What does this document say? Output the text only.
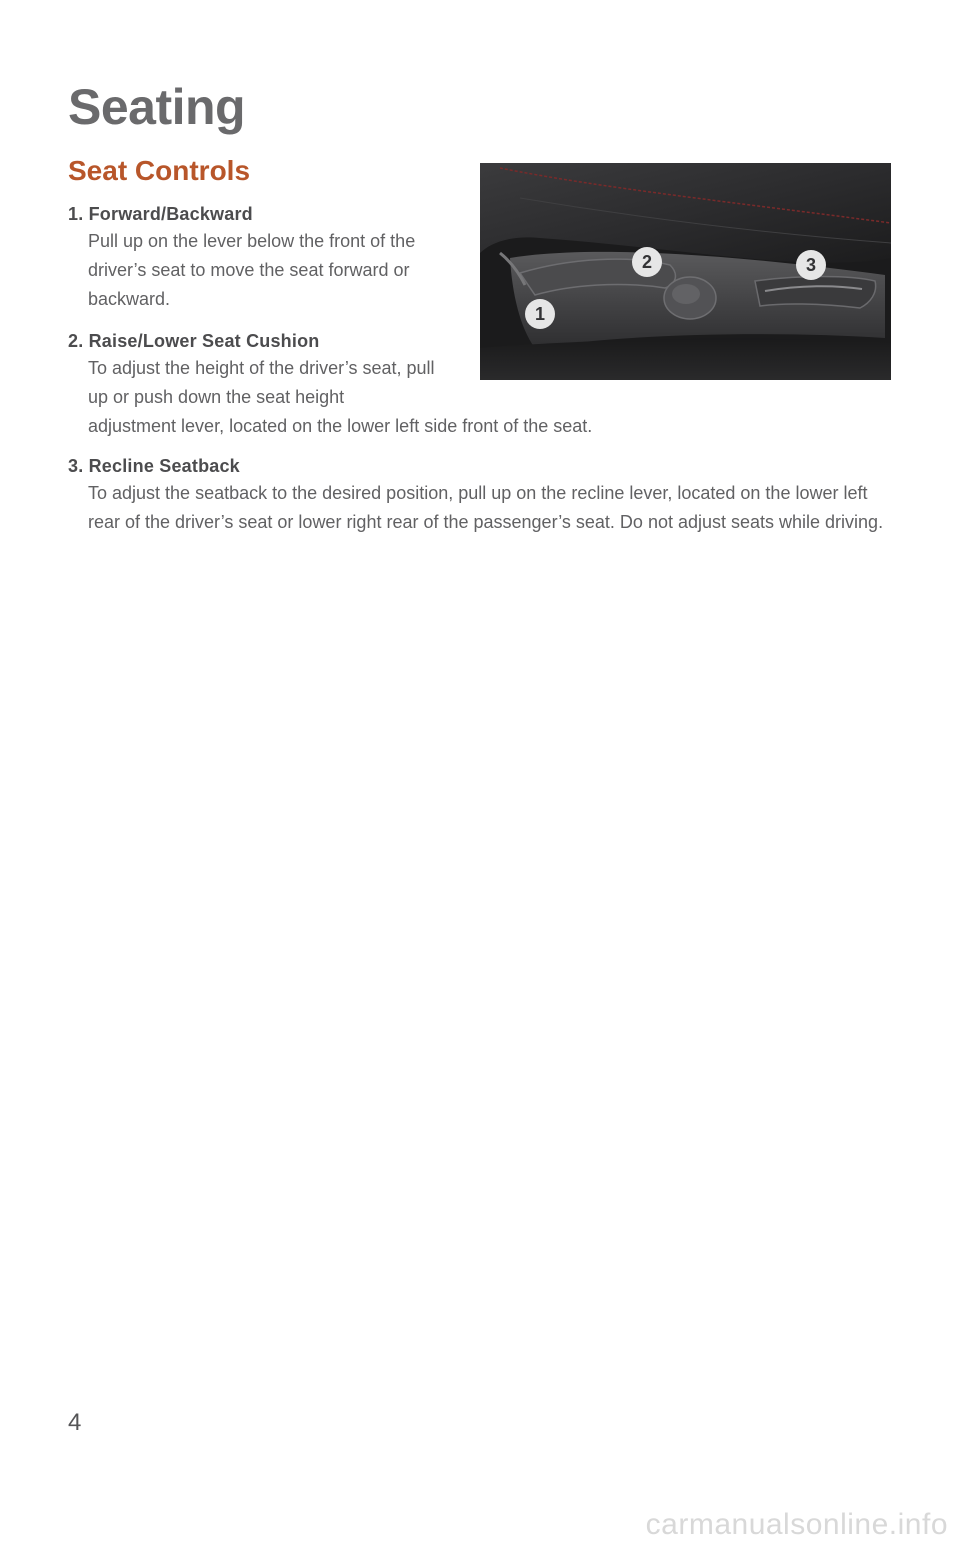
Seating
Seat Controls
1
2	3
1. Forward/Backward
Pull up on the lever below the front of the driver’s seat to move the seat forward or backward.
2. Raise/Lower Seat Cushion
To adjust the height of the driver’s seat, pull up or push down the seat height
adjustment lever, located on the lower left side front of the seat.
3. Recline Seatback
To adjust the seatback to the desired position, pull up on the recline lever, located on the lower left rear of the driver’s seat or lower right rear of the passenger’s seat. Do not adjust seats while driving.
4
carmanualsonline.info
